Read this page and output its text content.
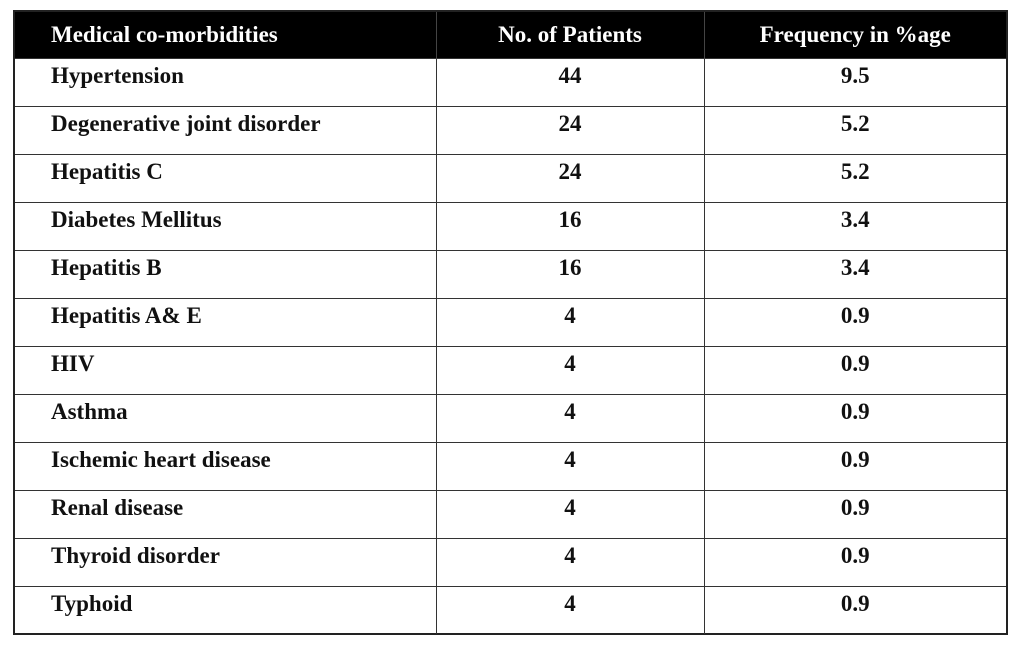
Medical co-morbidities	No. of Patients	Frequency in %age
Hypertension	44	9.5
Degenerative joint disorder	24	5.2
Hepatitis C	24	5.2
Diabetes Mellitus	16	3.4
Hepatitis B	16	3.4
Hepatitis A& E	4	0.9
HIV	4	0.9
Asthma	4	0.9
Ischemic heart disease	4	0.9
Renal disease	4	0.9
Thyroid disorder	4	0.9
Typhoid	4	0.9
